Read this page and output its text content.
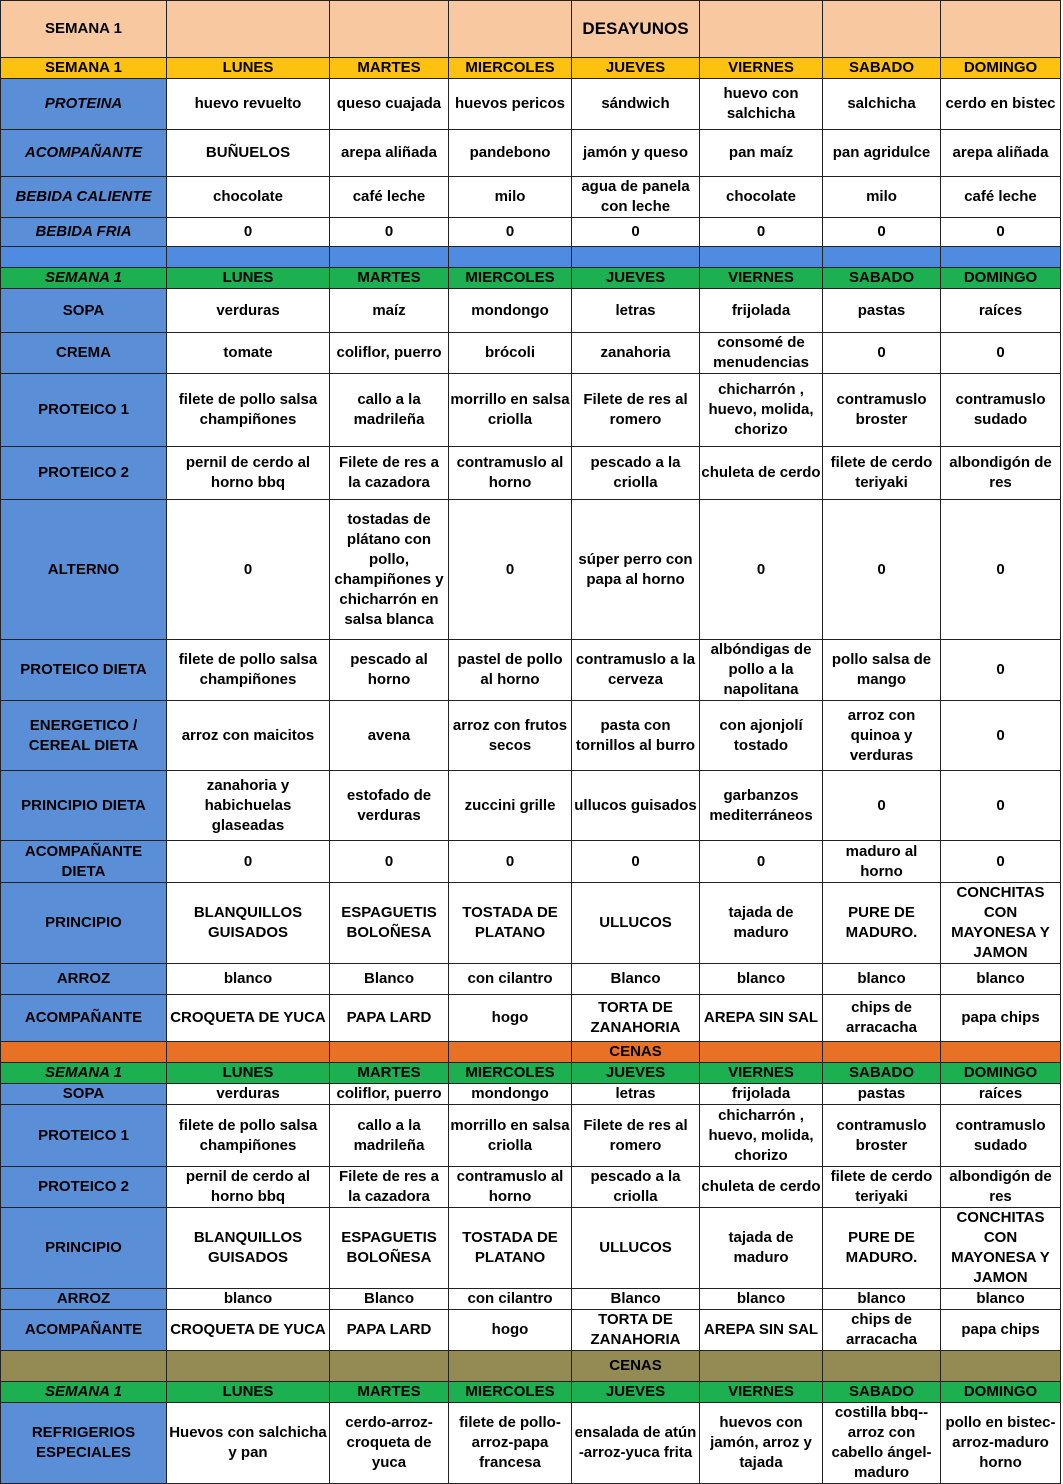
SEMANA 1				DESAYUNOS			
SEMANA 1	LUNES	MARTES	MIERCOLES	JUEVES	VIERNES	SABADO	DOMINGO
PROTEINA	huevo revuelto	queso cuajada	huevos pericos	sándwich	huevo con salchicha	salchicha	cerdo en bistec
ACOMPAÑANTE	BUÑUELOS	arepa aliñada	pandebono	jamón y queso	pan maíz	pan agridulce	arepa aliñada
BEBIDA CALIENTE	chocolate	café leche	milo	agua de panela con leche	chocolate	milo	café leche
BEBIDA FRIA	0	0	0	0	0	0	0

SEMANA 1	LUNES	MARTES	MIERCOLES	JUEVES	VIERNES	SABADO	DOMINGO
SOPA	verduras	maíz	mondongo	letras	frijolada	pastas	raíces
CREMA	tomate	coliflor, puerro	brócoli	zanahoria	consomé de menudencias	0	0
PROTEICO 1	filete de pollo salsa champiñones	callo a la madrileña	morrillo en salsa criolla	Filete de res al romero	chicharrón , huevo, molida, chorizo	contramuslo broster	contramuslo sudado
PROTEICO 2	pernil de cerdo al horno bbq	Filete de res a la cazadora	contramuslo al horno	pescado a la criolla	chuleta de cerdo	filete de cerdo teriyaki	albondigón de res
ALTERNO	0	tostadas de plátano con pollo, champiñones y chicharrón en salsa blanca	0	súper perro con papa al horno	0	0	0
PROTEICO DIETA	filete de pollo salsa champiñones	pescado al horno	pastel de pollo al horno	contramuslo a la cerveza	albóndigas de pollo a la napolitana	pollo salsa de mango	0
ENERGETICO / CEREAL DIETA	arroz con maicitos	avena	arroz con frutos secos	pasta con tornillos al burro	con ajonjolí tostado	arroz con quinoa y verduras	0
PRINCIPIO DIETA	zanahoria y habichuelas glaseadas	estofado de verduras	zuccini grille	ullucos guisados	garbanzos mediterráneos	0	0
ACOMPAÑANTE DIETA	0	0	0	0	0	maduro al horno	0
PRINCIPIO	BLANQUILLOS GUISADOS	ESPAGUETIS BOLOÑESA	TOSTADA DE PLATANO	ULLUCOS	tajada de maduro	PURE DE MADURO.	CONCHITAS CON MAYONESA Y JAMON
ARROZ	blanco	Blanco	con cilantro	Blanco	blanco	blanco	blanco
ACOMPAÑANTE	CROQUETA DE YUCA	PAPA LARD	hogo	TORTA DE ZANAHORIA	AREPA SIN SAL	chips de arracacha	papa chips
				CENAS			
SEMANA 1	LUNES	MARTES	MIERCOLES	JUEVES	VIERNES	SABADO	DOMINGO
SOPA	verduras	coliflor, puerro	mondongo	letras	frijolada	pastas	raíces
PROTEICO 1	filete de pollo salsa champiñones	callo a la madrileña	morrillo en salsa criolla	Filete de res al romero	chicharrón , huevo, molida, chorizo	contramuslo broster	contramuslo sudado
PROTEICO 2	pernil de cerdo al horno bbq	Filete de res a la cazadora	contramuslo al horno	pescado a la criolla	chuleta de cerdo	filete de cerdo teriyaki	albondigón de res
PRINCIPIO	BLANQUILLOS GUISADOS	ESPAGUETIS BOLOÑESA	TOSTADA DE PLATANO	ULLUCOS	tajada de maduro	PURE DE MADURO.	CONCHITAS CON MAYONESA Y JAMON
ARROZ	blanco	Blanco	con cilantro	Blanco	blanco	blanco	blanco
ACOMPAÑANTE	CROQUETA DE YUCA	PAPA LARD	hogo	TORTA DE ZANAHORIA	AREPA SIN SAL	chips de arracacha	papa chips
				CENAS			
SEMANA 1	LUNES	MARTES	MIERCOLES	JUEVES	VIERNES	SABADO	DOMINGO
REFRIGERIOS ESPECIALES	Huevos con salchicha y pan	cerdo-arroz-croqueta de yuca	filete de pollo-arroz-papa francesa	ensalada de atún -arroz-yuca frita	huevos con jamón, arroz y tajada	costilla bbq--arroz con cabello ángel-maduro	pollo en bistec-arroz-maduro horno
